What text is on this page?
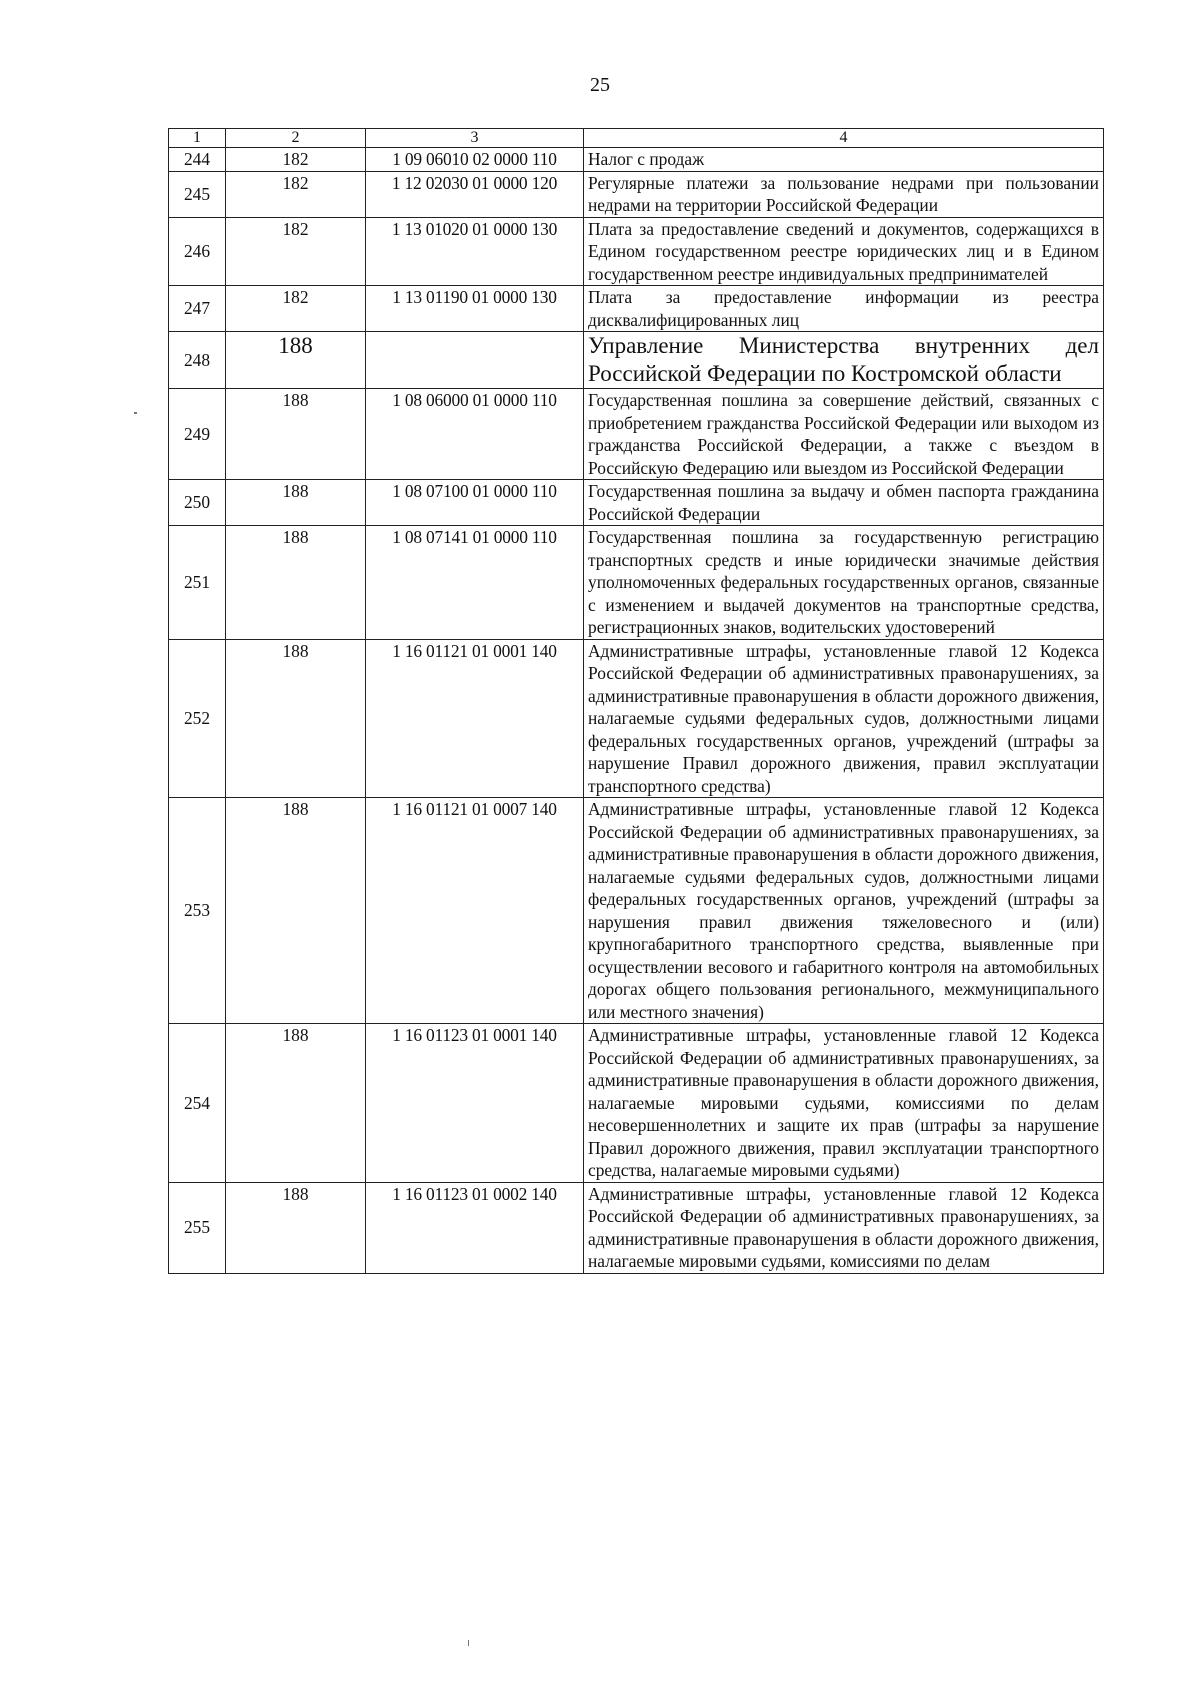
25
1	2	3	4
244	182	1 09 06010 02 0000 110	Налог с продаж
245	182	1 12 02030 01 0000 120	Регулярные платежи за пользование недрами при пользовании недрами на территории Российской Федерации
246	182	1 13 01020 01 0000 130	Плата за предоставление сведений и документов, содержащихся в Едином государственном реестре юридических лиц и в Едином государственном реестре индивидуальных предпринимателей
247	182	1 13 01190 01 0000 130	Плата за предоставление информации из реестра дисквалифицированных лиц
248	188		Управление Министерства внутренних дел Российской Федерации по Костромской области
249	188	1 08 06000 01 0000 110	Государственная пошлина за совершение действий, связанных с приобретением гражданства Российской Федерации или выходом из гражданства Российской Федерации, а также с въездом в Российскую Федерацию или выездом из Российской Федерации
250	188	1 08 07100 01 0000 110	Государственная пошлина за выдачу и обмен паспорта гражданина Российской Федерации
251	188	1 08 07141 01 0000 110	Государственная пошлина за государственную регистрацию транспортных средств и иные юридически значимые действия уполномоченных федеральных государственных органов, связанные с изменением и выдачей документов на транспортные средства, регистрационных знаков, водительских удостоверений
252	188	1 16 01121 01 0001 140	Административные штрафы, установленные главой 12 Кодекса Российской Федерации об административных правонарушениях, за административные правонарушения в области дорожного движения, налагаемые судьями федеральных судов, должностными лицами федеральных государственных органов, учреждений (штрафы за нарушение Правил дорожного движения, правил эксплуатации транспортного средства)
253	188	1 16 01121 01 0007 140	Административные штрафы, установленные главой 12 Кодекса Российской Федерации об административных правонарушениях, за административные правонарушения в области дорожного движения, налагаемые судьями федеральных судов, должностными лицами федеральных государственных органов, учреждений (штрафы за нарушения правил движения тяжеловесного и (или) крупногабаритного транспортного средства, выявленные при осуществлении весового и габаритного контроля на автомобильных дорогах общего пользования регионального, межмуниципального или местного значения)
254	188	1 16 01123 01 0001 140	Административные штрафы, установленные главой 12 Кодекса Российской Федерации об административных правонарушениях, за административные правонарушения в области дорожного движения, налагаемые мировыми судьями, комиссиями по делам несовершеннолетних и защите их прав (штрафы за нарушение Правил дорожного движения, правил эксплуатации транспортного средства, налагаемые мировыми судьями)
255	188	1 16 01123 01 0002 140	Административные штрафы, установленные главой 12 Кодекса Российской Федерации об административных правонарушениях, за административные правонарушения в области дорожного движения, налагаемые мировыми судьями, комиссиями по делам
